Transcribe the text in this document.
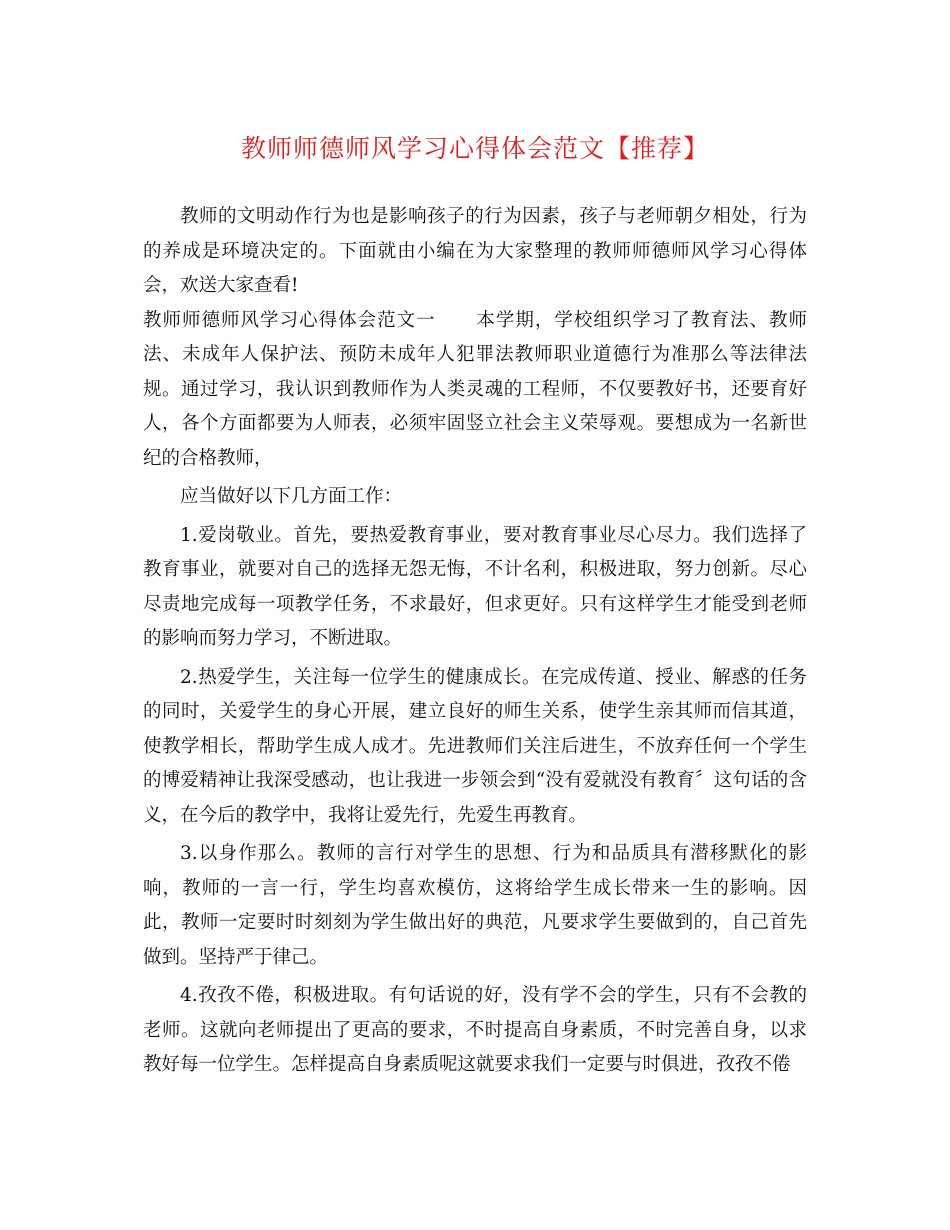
教师师德师风学习心得体会范文【推荐】

教师的文明动作行为也是影响孩子的行为因素，孩子与老师朝夕相处，行为的养成是环境决定的。下面就由小编在为大家整理的教师师德师风学习心得体会，欢送大家查看!

教师师德师风学习心得体会范文一 本学期，学校组织学习了教育法、教师法、未成年人保护法、预防未成年人犯罪法教师职业道德行为准那么等法律法规。通过学习，我认识到教师作为人类灵魂的工程师，不仅要教好书，还要育好人，各个方面都要为人师表，必须牢固竖立社会主义荣辱观。要想成为一名新世纪的合格教师，

应当做好以下几方面工作：

1.爱岗敬业。首先，要热爱教育事业，要对教育事业尽心尽力。我们选择了教育事业，就要对自己的选择无怨无悔，不计名利，积极进取，努力创新。尽心尽责地完成每一项教学任务，不求最好，但求更好。只有这样学生才能受到老师的影响而努力学习，不断进取。

2.热爱学生，关注每一位学生的健康成长。在完成传道、授业、解惑的任务的同时，关爱学生的身心开展，建立良好的师生关系，使学生亲其师而信其道，使教学相长，帮助学生成人成才。先进教师们关注后进生，不放弃任何一个学生的博爱精神让我深受感动，也让我进一步领会到“没有爱就没有教育〞这句话的含义，在今后的教学中，我将让爱先行，先爱生再教育。

3.以身作那么。教师的言行对学生的思想、行为和品质具有潜移默化的影响，教师的一言一行，学生均喜欢模仿，这将给学生成长带来一生的影响。因此，教师一定要时时刻刻为学生做出好的典范，凡要求学生要做到的，自己首先做到。坚持严于律己。

4.孜孜不倦，积极进取。有句话说的好，没有学不会的学生，只有不会教的老师。这就向老师提出了更高的要求，不时提高自身素质，不时完善自身，以求教好每一位学生。怎样提高自身素质呢这就要求我们一定要与时俱进，孜孜不倦
